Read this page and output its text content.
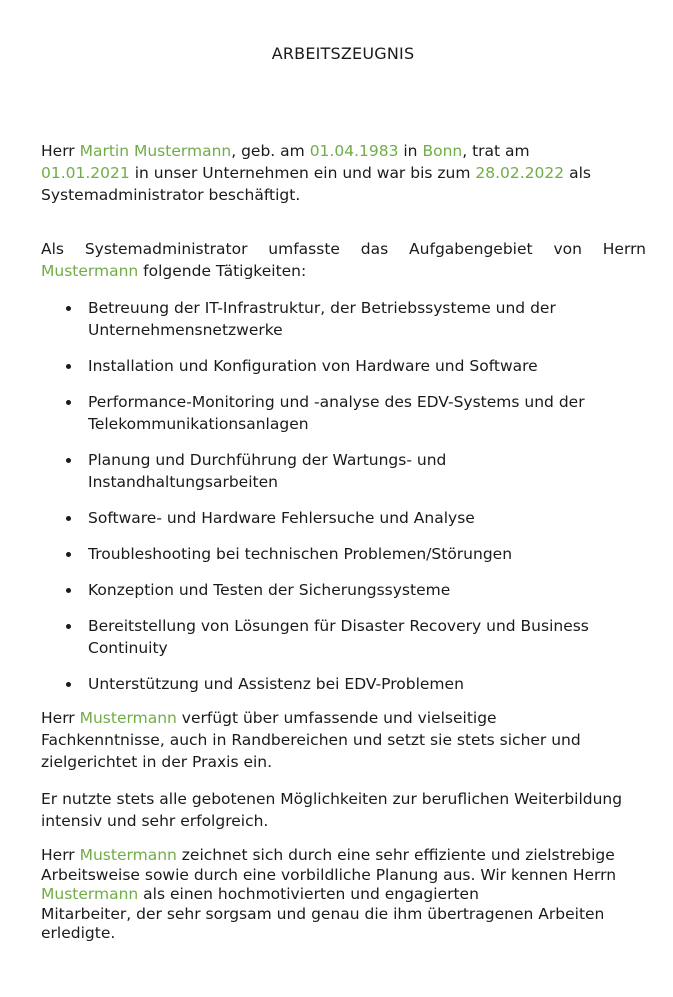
ARBEITSZEUGNIS
Herr Martin Mustermann, geb. am 01.04.1983 in Bonn, trat am
01.01.2021 in unser Unternehmen ein und war bis zum 28.02.2022 als
Systemadministrator beschäftigt.
Als Systemadministrator umfasste das Aufgabengebiet von Herrn
Mustermann folgende Tätigkeiten:
Betreuung der IT-Infrastruktur, der Betriebssysteme und der
Unternehmensnetzwerke
Installation und Konfiguration von Hardware und Software
Performance-Monitoring und -analyse des EDV-Systems und der
Telekommunikationsanlagen
Planung und Durchführung der Wartungs- und
Instandhaltungsarbeiten
Software- und Hardware Fehlersuche und Analyse
Troubleshooting bei technischen Problemen/Störungen
Konzeption und Testen der Sicherungssysteme
Bereitstellung von Lösungen für Disaster Recovery und Business
Continuity
Unterstützung und Assistenz bei EDV-Problemen
Herr Mustermann verfügt über umfassende und vielseitige
Fachkenntnisse, auch in Randbereichen und setzt sie stets sicher und
zielgerichtet in der Praxis ein.
Er nutzte stets alle gebotenen Möglichkeiten zur beruflichen Weiterbildung
intensiv und sehr erfolgreich.
Herr Mustermann zeichnet sich durch eine sehr effiziente und zielstrebige
Arbeitsweise sowie durch eine vorbildliche Planung aus. Wir kennen Herrn
Mustermann als einen hochmotivierten und engagierten
Mitarbeiter, der sehr sorgsam und genau die ihm übertragenen Arbeiten
erledigte.
